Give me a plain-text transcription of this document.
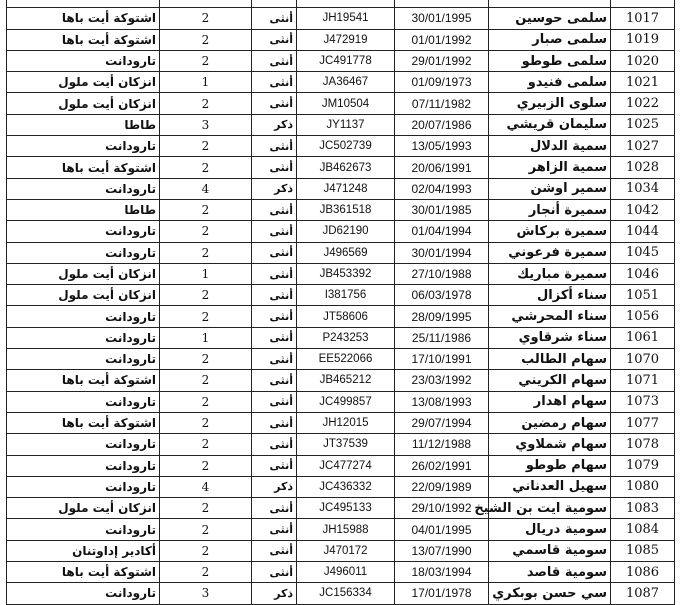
اشتوكة أيت باها	2	أنثى	JH19541	30/01/1995	سلمى حوسين	1017
اشتوكة أيت باها	2	أنثى	J472919	01/01/1992	سلمى صبار	1019
تارودانت	2	أنثى	JC491778	29/01/1992	سلمى طوطو	1020
انزكان أيت ملول	1	أنثى	JA36467	01/09/1973	سلمى فنيدو	1021
انزكان أيت ملول	2	أنثى	JM10504	07/11/1982	سلوى الزبيري	1022
طاطا	3	ذكر	JY1137	20/07/1986	سليمان قريشي	1025
تارودانت	2	أنثى	JC502739	13/05/1993	سمية الدلال	1027
اشتوكة أيت باها	2	أنثى	JB462673	20/06/1991	سمية الزاهر	1028
تارودانت	4	ذكر	J471248	02/04/1993	سمير اوشن	1034
طاطا	2	أنثى	JB361518	30/01/1985	سميرة أنجار	1042
تارودانت	2	أنثى	JD62190	01/04/1994	سميرة بركاش	1044
تارودانت	2	أنثى	J496569	30/01/1994	سميرة فرعوني	1045
انزكان أيت ملول	1	أنثى	JB453392	27/10/1988	سميرة مباريك	1046
انزكان أيت ملول	2	أنثى	I381756	06/03/1978	سناء أكزال	1051
تارودانت	2	أنثى	JT58606	28/09/1995	سناء المحرشي	1056
تارودانت	1	أنثى	P243253	25/11/1986	سناء شرقاوي	1061
تارودانت	2	أنثى	EE522066	17/10/1991	سهام الطالب	1070
اشتوكة أيت باها	2	أنثى	JB465212	23/03/1992	سهام الكريني	1071
تارودانت	2	أنثى	JC499857	13/08/1993	سهام اهدار	1073
اشتوكة أيت باها	2	أنثى	JH12015	29/07/1994	سهام رمضين	1077
تارودانت	2	أنثى	JT37539	11/12/1988	سهام شملاوي	1078
تارودانت	2	أنثى	JC477274	26/02/1991	سهام طوطو	1079
تارودانت	4	ذكر	JC436332	22/09/1989	سهيل العدناني	1080
انزكان أيت ملول	2	أنثى	JC495133	29/10/1992	سومية ايت بن الشيخ	1083
تارودانت	2	أنثى	JH15988	04/01/1995	سومية دريال	1084
أكادير إداوتنان	2	أنثى	J470172	13/07/1990	سومية قاسمي	1085
اشتوكة أيت باها	2	أنثى	J496011	18/03/1994	سومية قاصد	1086
تارودانت	3	ذكر	JC156334	17/01/1978	سي حسن بوبكري	1087
